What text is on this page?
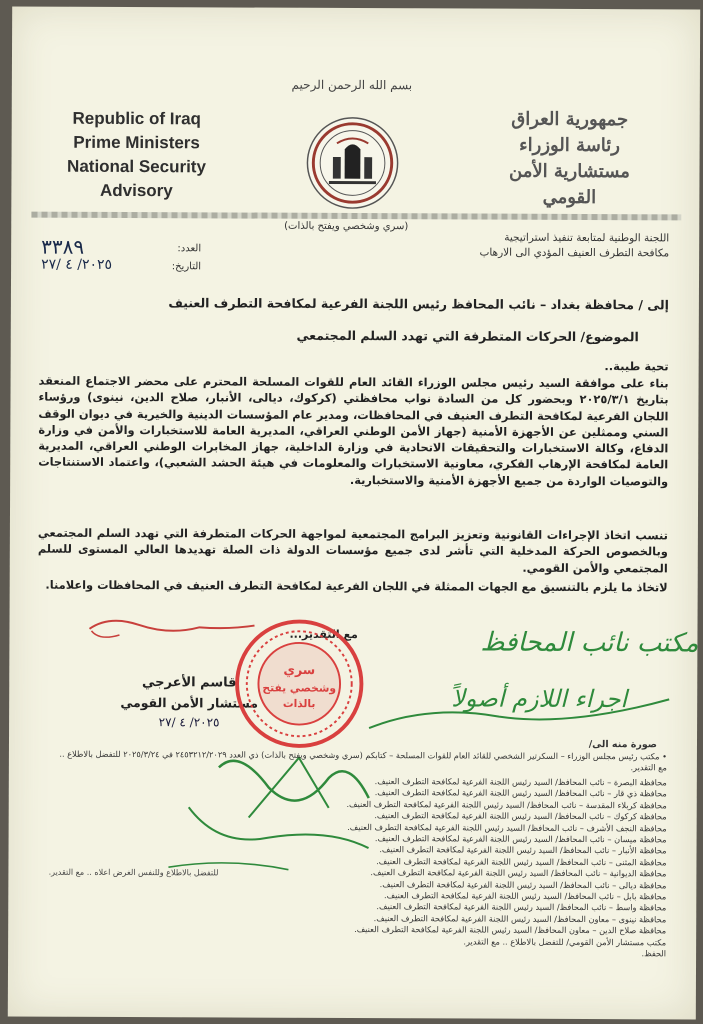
بسم الله الرحمن الرحيم
Republic of Iraq
Prime Ministers
National Security Advisory
جمهورية العراق
رئاسة الوزراء
مستشارية الأمن القومي
(سري وشخصي ويفتح بالذات)
اللجنة الوطنية لمتابعة تنفيذ استراتيجية
مكافحة التطرف العنيف المؤدي الى الارهاب
العدد:
٣٣٨٩
التاريخ:
٢٠٢٥/ ٤ /٢٧
إلى / محافظة بغداد – نائب المحافظ رئيس اللجنة الفرعية لمكافحة التطرف العنيف
الموضوع/ الحركات المتطرفة التي تهدد السلم المجتمعي
تحية طيبة..
بناء على موافقة السيد رئيس مجلس الوزراء القائد العام للقوات المسلحة المحترم على محضر الاجتماع المنعقد بتاريخ ٢٠٢٥/٣/١ وبحضور كل من السادة نواب محافظتي (كركوك، ديالى، الأنبار، صلاح الدين، نينوى) ورؤساء اللجان الفرعية لمكافحة التطرف العنيف في المحافظات، ومدير عام المؤسسات الدينية والخيرية في ديوان الوقف السني وممثلين عن الأجهزة الأمنية (جهاز الأمن الوطني العراقي، المديرية العامة للاستخبارات والأمن في وزارة الدفاع، وكالة الاستخبارات والتحقيقات الاتحادية في وزارة الداخلية، جهاز المخابرات الوطني العراقي، المديرية العامة لمكافحة الإرهاب الفكري، معاونية الاستخبارات والمعلومات في هيئة الحشد الشعبي)، واعتماد الاستنتاجات والتوصيات الواردة من جميع الأجهزة الأمنية والاستخبارية.
تنسب اتخاذ الإجراءات القانونية وتعزيز البرامج المجتمعية لمواجهة الحركات المتطرفة التي تهدد السلم المجتمعي وبالخصوص الحركة المدخلية التي تأشر لدى جميع مؤسسات الدولة ذات الصلة تهديدها العالي المستوى للسلم المجتمعي والأمن القومي.
لاتخاذ ما يلزم بالتنسيق مع الجهات الممثلة في اللجان الفرعية لمكافحة التطرف العنيف في المحافظات واعلامنا.
مع التقدير...
قاسم الأعرجي
مستشار الأمن القومي
٢٠٢٥/ ٤ /٢٧
سري
وشخصي يفتح
بالذات
مكتب نائب المحافظ
اجراء اللازم أصولاً
صورة منه الى/
• مكتب رئيس مجلس الوزراء – السكرتير الشخصي للقائد العام للقوات المسلحة – كتابكم (سري وشخصي ويفتح بالذات) ذي العدد ٢٤٥٣٢١٢/٢٠٢٩ في ٢٠٢٥/٣/٢٤ للتفضل بالاطلاع .. مع التقدير.
محافظة البصرة – نائب المحافظ/ السيد رئيس اللجنة الفرعية لمكافحة التطرف العنيف.
محافظة ذي قار – نائب المحافظ/ السيد رئيس اللجنة الفرعية لمكافحة التطرف العنيف.
محافظة كربلاء المقدسة – نائب المحافظ/ السيد رئيس اللجنة الفرعية لمكافحة التطرف العنيف.
محافظة كركوك – نائب المحافظ/ السيد رئيس اللجنة الفرعية لمكافحة التطرف العنيف.
محافظة النجف الأشرف – نائب المحافظ/ السيد رئيس اللجنة الفرعية لمكافحة التطرف العنيف.
محافظة ميسان – نائب المحافظ/ السيد رئيس اللجنة الفرعية لمكافحة التطرف العنيف.
محافظة الأنبار – نائب المحافظ/ السيد رئيس اللجنة الفرعية لمكافحة التطرف العنيف.
محافظة المثنى – نائب المحافظ/ السيد رئيس اللجنة الفرعية لمكافحة التطرف العنيف.
محافظة الديوانية – نائب المحافظ/ السيد رئيس اللجنة الفرعية لمكافحة التطرف العنيف.
محافظة ديالى – نائب المحافظ/ السيد رئيس اللجنة الفرعية لمكافحة التطرف العنيف.
محافظة بابل – نائب المحافظ/ السيد رئيس اللجنة الفرعية لمكافحة التطرف العنيف.
محافظة واسط – نائب المحافظ/ السيد رئيس اللجنة الفرعية لمكافحة التطرف العنيف.
محافظة نينوى – معاون المحافظ/ السيد رئيس اللجنة الفرعية لمكافحة التطرف العنيف.
محافظة صلاح الدين – معاون المحافظ/ السيد رئيس اللجنة الفرعية لمكافحة التطرف العنيف.
مكتب مستشار الأمن القومي/ للتفضل بالاطلاع .. مع التقدير.
الحفظ.
للتفضل بالاطلاع وللنفس الغرض اعلاه .. مع التقدير.
